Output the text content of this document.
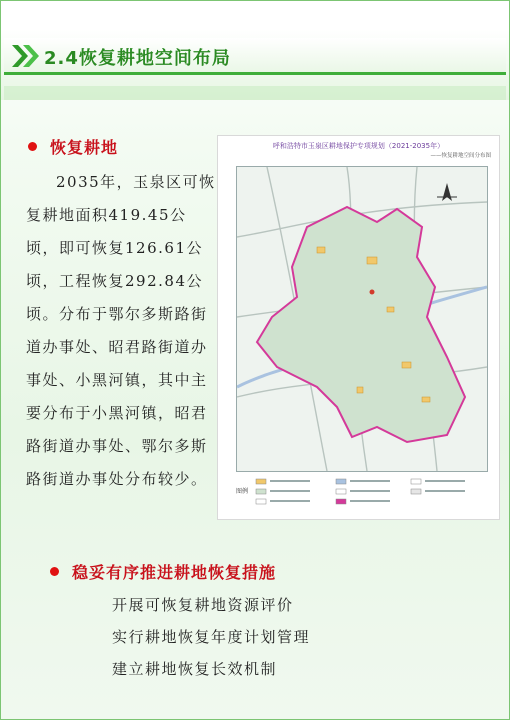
2.4恢复耕地空间布局
恢复耕地
2035年，玉泉区可恢复耕地面积419.45公顷，即可恢复126.61公顷，工程恢复292.84公顷。分布于鄂尔多斯路街道办事处、昭君路街道办事处、小黑河镇，其中主要分布于小黑河镇，昭君路街道办事处、鄂尔多斯路街道办事处分布较少。
呼和浩特市玉泉区耕地保护专项规划（2021-2035年）
——恢复耕地空间分布图
图例
稳妥有序推进耕地恢复措施
开展可恢复耕地资源评价
实行耕地恢复年度计划管理
建立耕地恢复长效机制
